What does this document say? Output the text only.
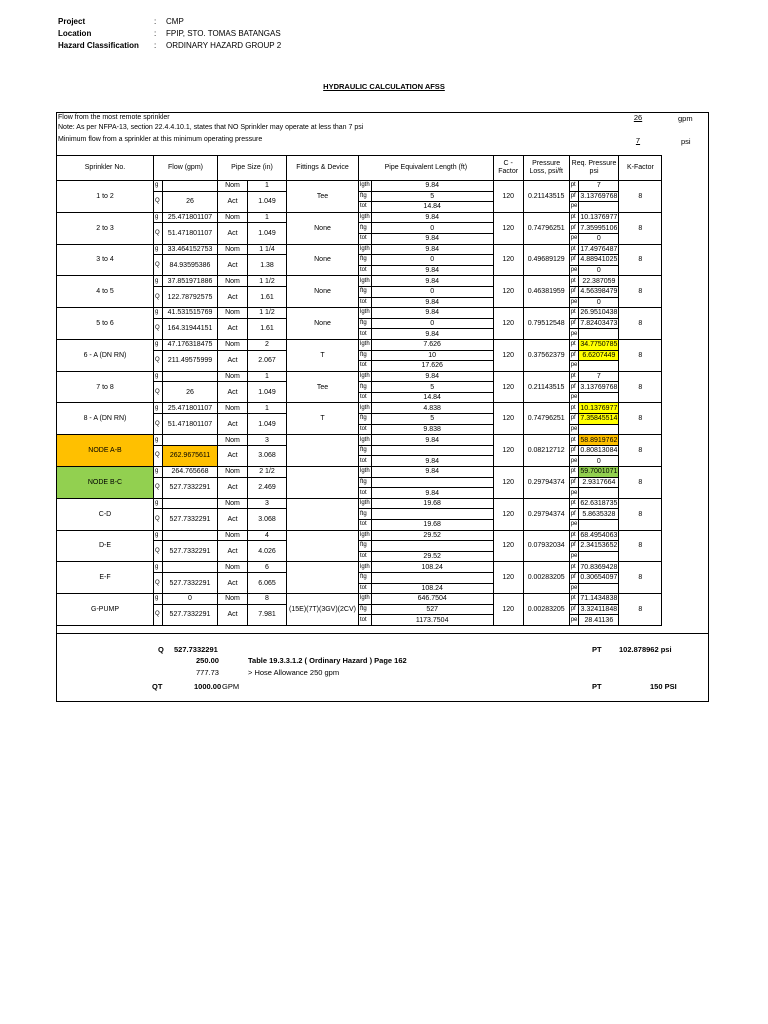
Project	: CMP
Location	: FPIP, STO. TOMAS BATANGAS
Hazard Classification : ORDINARY HAZARD GROUP 2
HYDRAULIC CALCULATION AFSS
Flow from the most remote sprinkler
Note: As per NFPA-13, section 22.4.4.10.1, states that NO Sprinkler may operate at less than 7 psi
Minimum flow from a sprinkler at this minimum operating pressure
26	gpm
7	psi
Sprinkler No.	Flow (gpm)		Pipe Size (in)		Fittings & Device	Pipe Equivalent Length (ft)		C - Factor	Pressure Loss, psi/ft	Req. Pressure psi		K-Factor
1 to 2	g		Nom	1	Tee	lgth	9.84	120	0.21143515	pt	7	8
	Q	26	Act	1.049		ftg	5			pf	3.13769768	
						tot	14.84			pe		
2 to 3	g	25.471801107	Nom	1	None	lgth	9.84	120	0.74796251	pt	10.1376977	8
	Q	51.471801107	Act	1.049		ftg	0			pf	7.35995106	
						tot	9.84			pe	0	
3 to 4	g	33.464152753	Nom	1 1/4	None	lgth	9.84	120	0.49689129	pt	17.4976487	8
	Q	84.93595386	Act	1.38		ftg	0			pf	4.88941025	
						tot	9.84			pe	0	
4 to 5	g	37.851971886	Nom	1 1/2	None	lgth	9.84	120	0.46381959	pt	22.387059	8
	Q	122.78792575	Act	1.61		ftg	0			pf	4.56398479	
						tot	9.84			pe	0	
5 to 6	g	41.531515769	Nom	1 1/2	None	lgth	9.84	120	0.79512548	pt	26.9510438	8
	Q	164.31944151	Act	1.61		ftg	0			pf	7.82403473	
						tot	9.84			pe		
6 - A (DN RN)	g	47.176318475	Nom	2	T	lgth	7.626	120	0.37562379	pt	34.7750785	8
	Q	211.49575999	Act	2.067		ftg	10			pf	6.6207449	
						tot	17.626			pe		
7 to 8	g		Nom	1	Tee	lgth	9.84	120	0.21143515	pt	7	8
	Q	26	Act	1.049		ftg	5			pf	3.13769768	
						tot	14.84			pe		
8 - A (DN RN)	g	25.471801107	Nom	1	T	lgth	4.838	120	0.74796251	pt	10.1376977	8
	Q	51.471801107	Act	1.049		ftg	5			pf	7.35845514	
						tot	9.838			pe		
NODE A-B	g		Nom	3		lgth	9.84	120	0.08212712	pt	58.8919762	8
	Q	262.9675611	Act	3.068		ftg				pf	0.80813084	
						tot	9.84			pe	0	
NODE B-C	g	264.765668	Nom	2 1/2		lgth	9.84	120	0.29794374	pt	59.7001071	8
	Q	527.7332291	Act	2.469		ftg				pf	2.9317664	
						tot	9.84			pe		
C-D	g		Nom	3		lgth	19.68	120	0.29794374	pt	62.6318735	8
	Q	527.7332291	Act	3.068		ftg				pf	5.8635328	
						tot	19.68			pe		
D-E	g		Nom	4		lgth	29.52	120	0.07932034	pt	68.4954063	8
	Q	527.7332291	Act	4.026		ftg				pf	2.34153652	
						tot	29.52			pe		
E-F	g		Nom	6		lgth	108.24	120	0.00283205	pt	70.8369428	8
	Q	527.7332291	Act	6.065		ftg				pf	0.30654097	
						tot	108.24			pe		
G-PUMP	g	0	Nom	8	(15E)(7T)(3GV)(2CV)	lgth	646.7504	120	0.00283205	pt	71.1434838	8
	Q	527.7332291	Act	7.981		ftg	527			pf	3.32411848	
						tot	1173.7504			pe	28.41136	
Q 527.7332291
250.00
777.73
Table 19.3.3.1.2 ( Ordinary Hazard ) Page 162
> Hose Allowance 250 gpm
QT	1000.00 GPM
PT 102.878962 psi
PT	150 PSI
